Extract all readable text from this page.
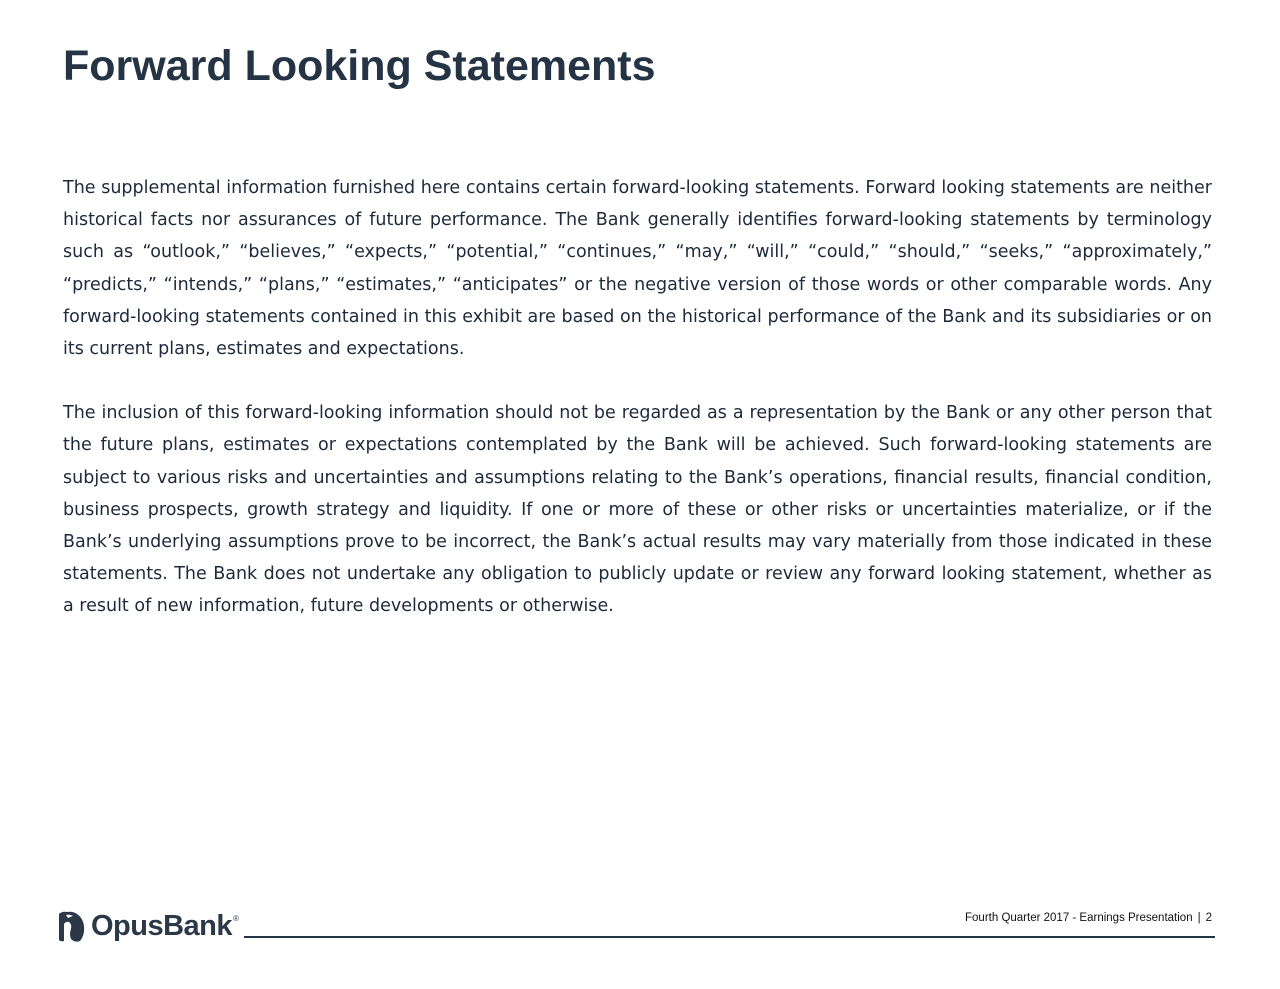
Forward Looking Statements

The supplemental information furnished here contains certain forward-looking statements. Forward looking statements are neither historical facts nor assurances of future performance. The Bank generally identifies forward-looking statements by terminology such as “outlook,” “believes,” “expects,” “potential,” “continues,” “may,” “will,” “could,” “should,” “seeks,” “approximately,” “predicts,” “intends,” “plans,” “estimates,” “anticipates” or the negative version of those words or other comparable words. Any forward-looking statements contained in this exhibit are based on the historical performance of the Bank and its subsidiaries or on its current plans, estimates and expectations.

The inclusion of this forward-looking information should not be regarded as a representation by the Bank or any other person that the future plans, estimates or expectations contemplated by the Bank will be achieved. Such forward-looking statements are subject to various risks and uncertainties and assumptions relating to the Bank’s operations, financial results, financial condition, business prospects, growth strategy and liquidity. If one or more of these or other risks or uncertainties materialize, or if the Bank’s underlying assumptions prove to be incorrect, the Bank’s actual results may vary materially from those indicated in these statements. The Bank does not undertake any obligation to publicly update or review any forward looking statement, whether as a result of new information, future developments or otherwise.

OpusBank ®	Fourth Quarter 2017 - Earnings Presentation | 2
